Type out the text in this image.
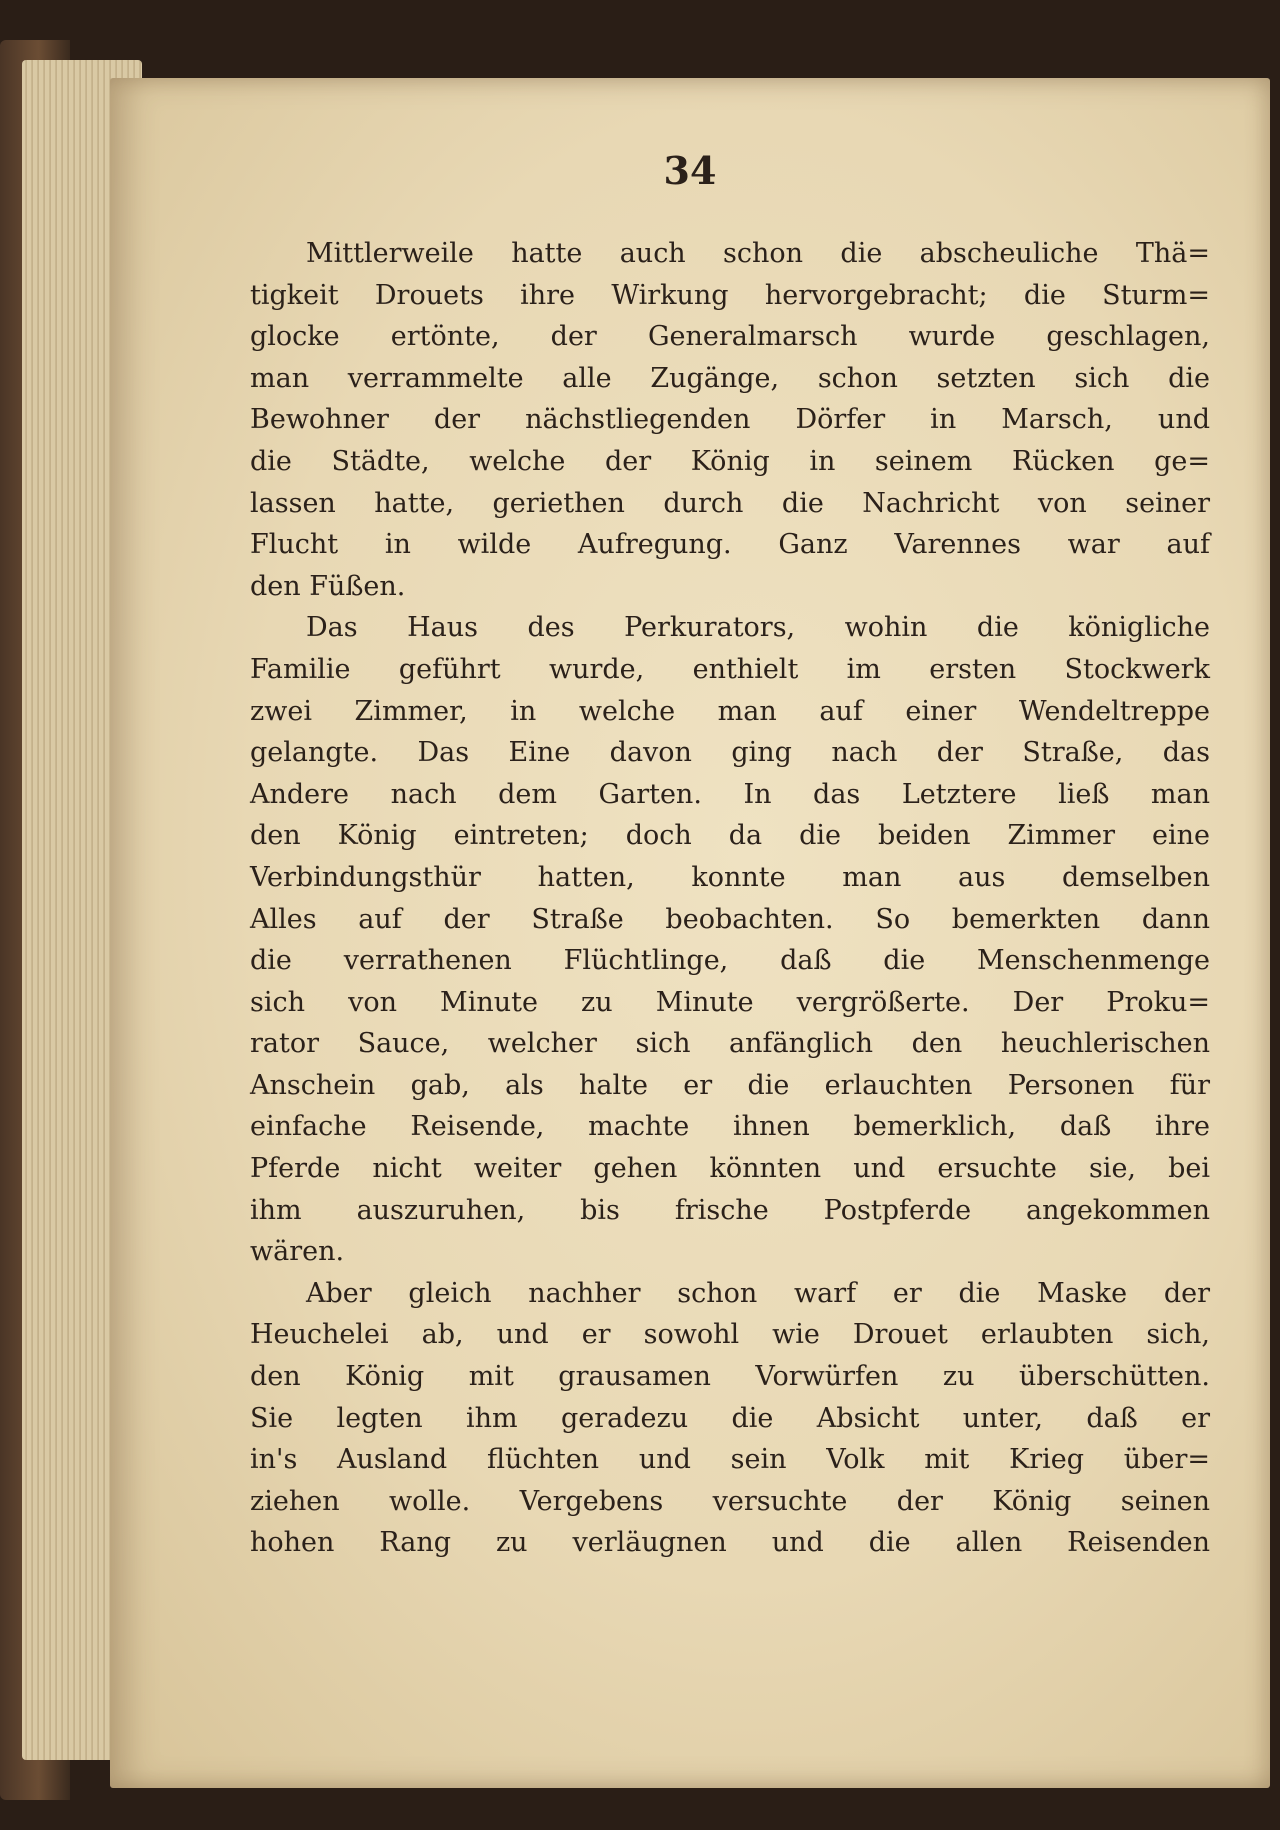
34
Mittlerweile hatte auch schon die abscheuliche Thä=
tigkeit Drouets ihre Wirkung hervorgebracht; die Sturm=
glocke ertönte, der Generalmarsch wurde geschlagen,
man verrammelte alle Zugänge, schon setzten sich die
Bewohner der nächstliegenden Dörfer in Marsch, und
die Städte, welche der König in seinem Rücken ge=
lassen hatte, geriethen durch die Nachricht von seiner
Flucht in wilde Aufregung. Ganz Varennes war auf
den Füßen.
Das Haus des Perkurators, wohin die königliche
Familie geführt wurde, enthielt im ersten Stockwerk
zwei Zimmer, in welche man auf einer Wendeltreppe
gelangte. Das Eine davon ging nach der Straße, das
Andere nach dem Garten. In das Letztere ließ man
den König eintreten; doch da die beiden Zimmer eine
Verbindungsthür hatten, konnte man aus demselben
Alles auf der Straße beobachten. So bemerkten dann
die verrathenen Flüchtlinge, daß die Menschenmenge
sich von Minute zu Minute vergrößerte. Der Proku=
rator Sauce, welcher sich anfänglich den heuchlerischen
Anschein gab, als halte er die erlauchten Personen für
einfache Reisende, machte ihnen bemerklich, daß ihre
Pferde nicht weiter gehen könnten und ersuchte sie, bei
ihm auszuruhen, bis frische Postpferde angekommen
wären.
Aber gleich nachher schon warf er die Maske der
Heuchelei ab, und er sowohl wie Drouet erlaubten sich,
den König mit grausamen Vorwürfen zu überschütten.
Sie legten ihm geradezu die Absicht unter, daß er
in's Ausland flüchten und sein Volk mit Krieg über=
ziehen wolle. Vergebens versuchte der König seinen
hohen Rang zu verläugnen und die allen Reisenden
